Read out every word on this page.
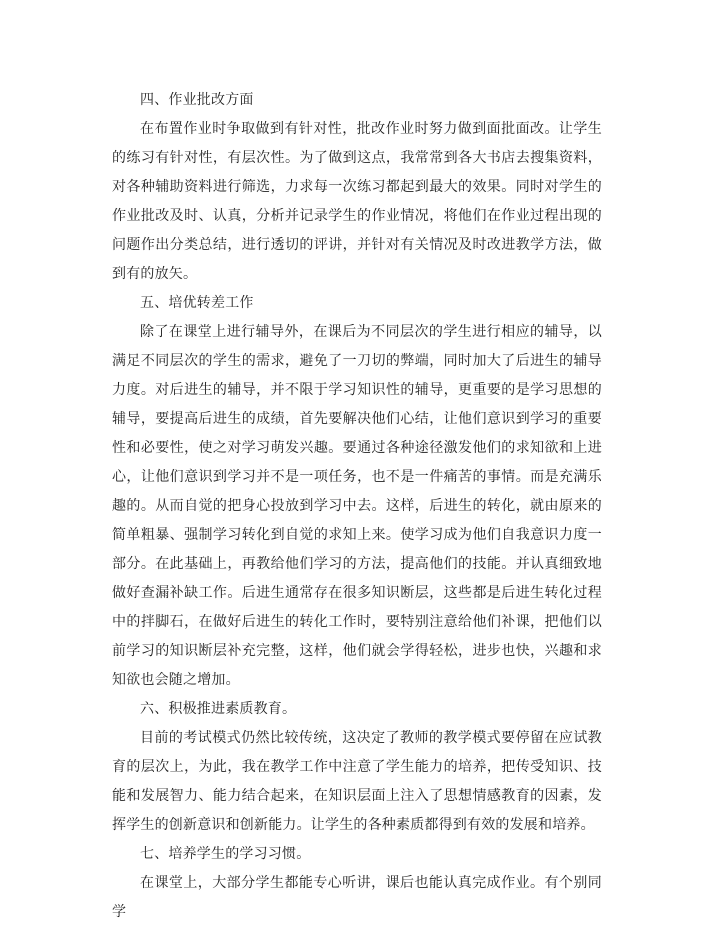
四、作业批改方面

在布置作业时争取做到有针对性，批改作业时努力做到面批面改。让学生的练习有针对性，有层次性。为了做到这点，我常常到各大书店去搜集资料，对各种辅助资料进行筛选，力求每一次练习都起到最大的效果。同时对学生的作业批改及时、认真，分析并记录学生的作业情况，将他们在作业过程出现的问题作出分类总结，进行透切的评讲，并针对有关情况及时改进教学方法，做到有的放矢。

五、培优转差工作

除了在课堂上进行辅导外，在课后为不同层次的学生进行相应的辅导，以满足不同层次的学生的需求，避免了一刀切的弊端，同时加大了后进生的辅导力度。对后进生的辅导，并不限于学习知识性的辅导，更重要的是学习思想的辅导，要提高后进生的成绩，首先要解决他们心结，让他们意识到学习的重要性和必要性，使之对学习萌发兴趣。要通过各种途径激发他们的求知欲和上进心，让他们意识到学习并不是一项任务，也不是一件痛苦的事情。而是充满乐趣的。从而自觉的把身心投放到学习中去。这样，后进生的转化，就由原来的简单粗暴、强制学习转化到自觉的求知上来。使学习成为他们自我意识力度一部分。在此基础上，再教给他们学习的方法，提高他们的技能。并认真细致地做好查漏补缺工作。后进生通常存在很多知识断层，这些都是后进生转化过程中的拌脚石，在做好后进生的转化工作时，要特别注意给他们补课，把他们以前学习的知识断层补充完整，这样，他们就会学得轻松，进步也快，兴趣和求知欲也会随之增加。

六、积极推进素质教育。

目前的考试模式仍然比较传统，这决定了教师的教学模式要停留在应试教育的层次上，为此，我在教学工作中注意了学生能力的培养，把传受知识、技能和发展智力、能力结合起来，在知识层面上注入了思想情感教育的因素，发挥学生的创新意识和创新能力。让学生的各种素质都得到有效的发展和培养。

七、培养学生的学习习惯。

在课堂上，大部分学生都能专心听讲，课后也能认真完成作业。有个别同学
